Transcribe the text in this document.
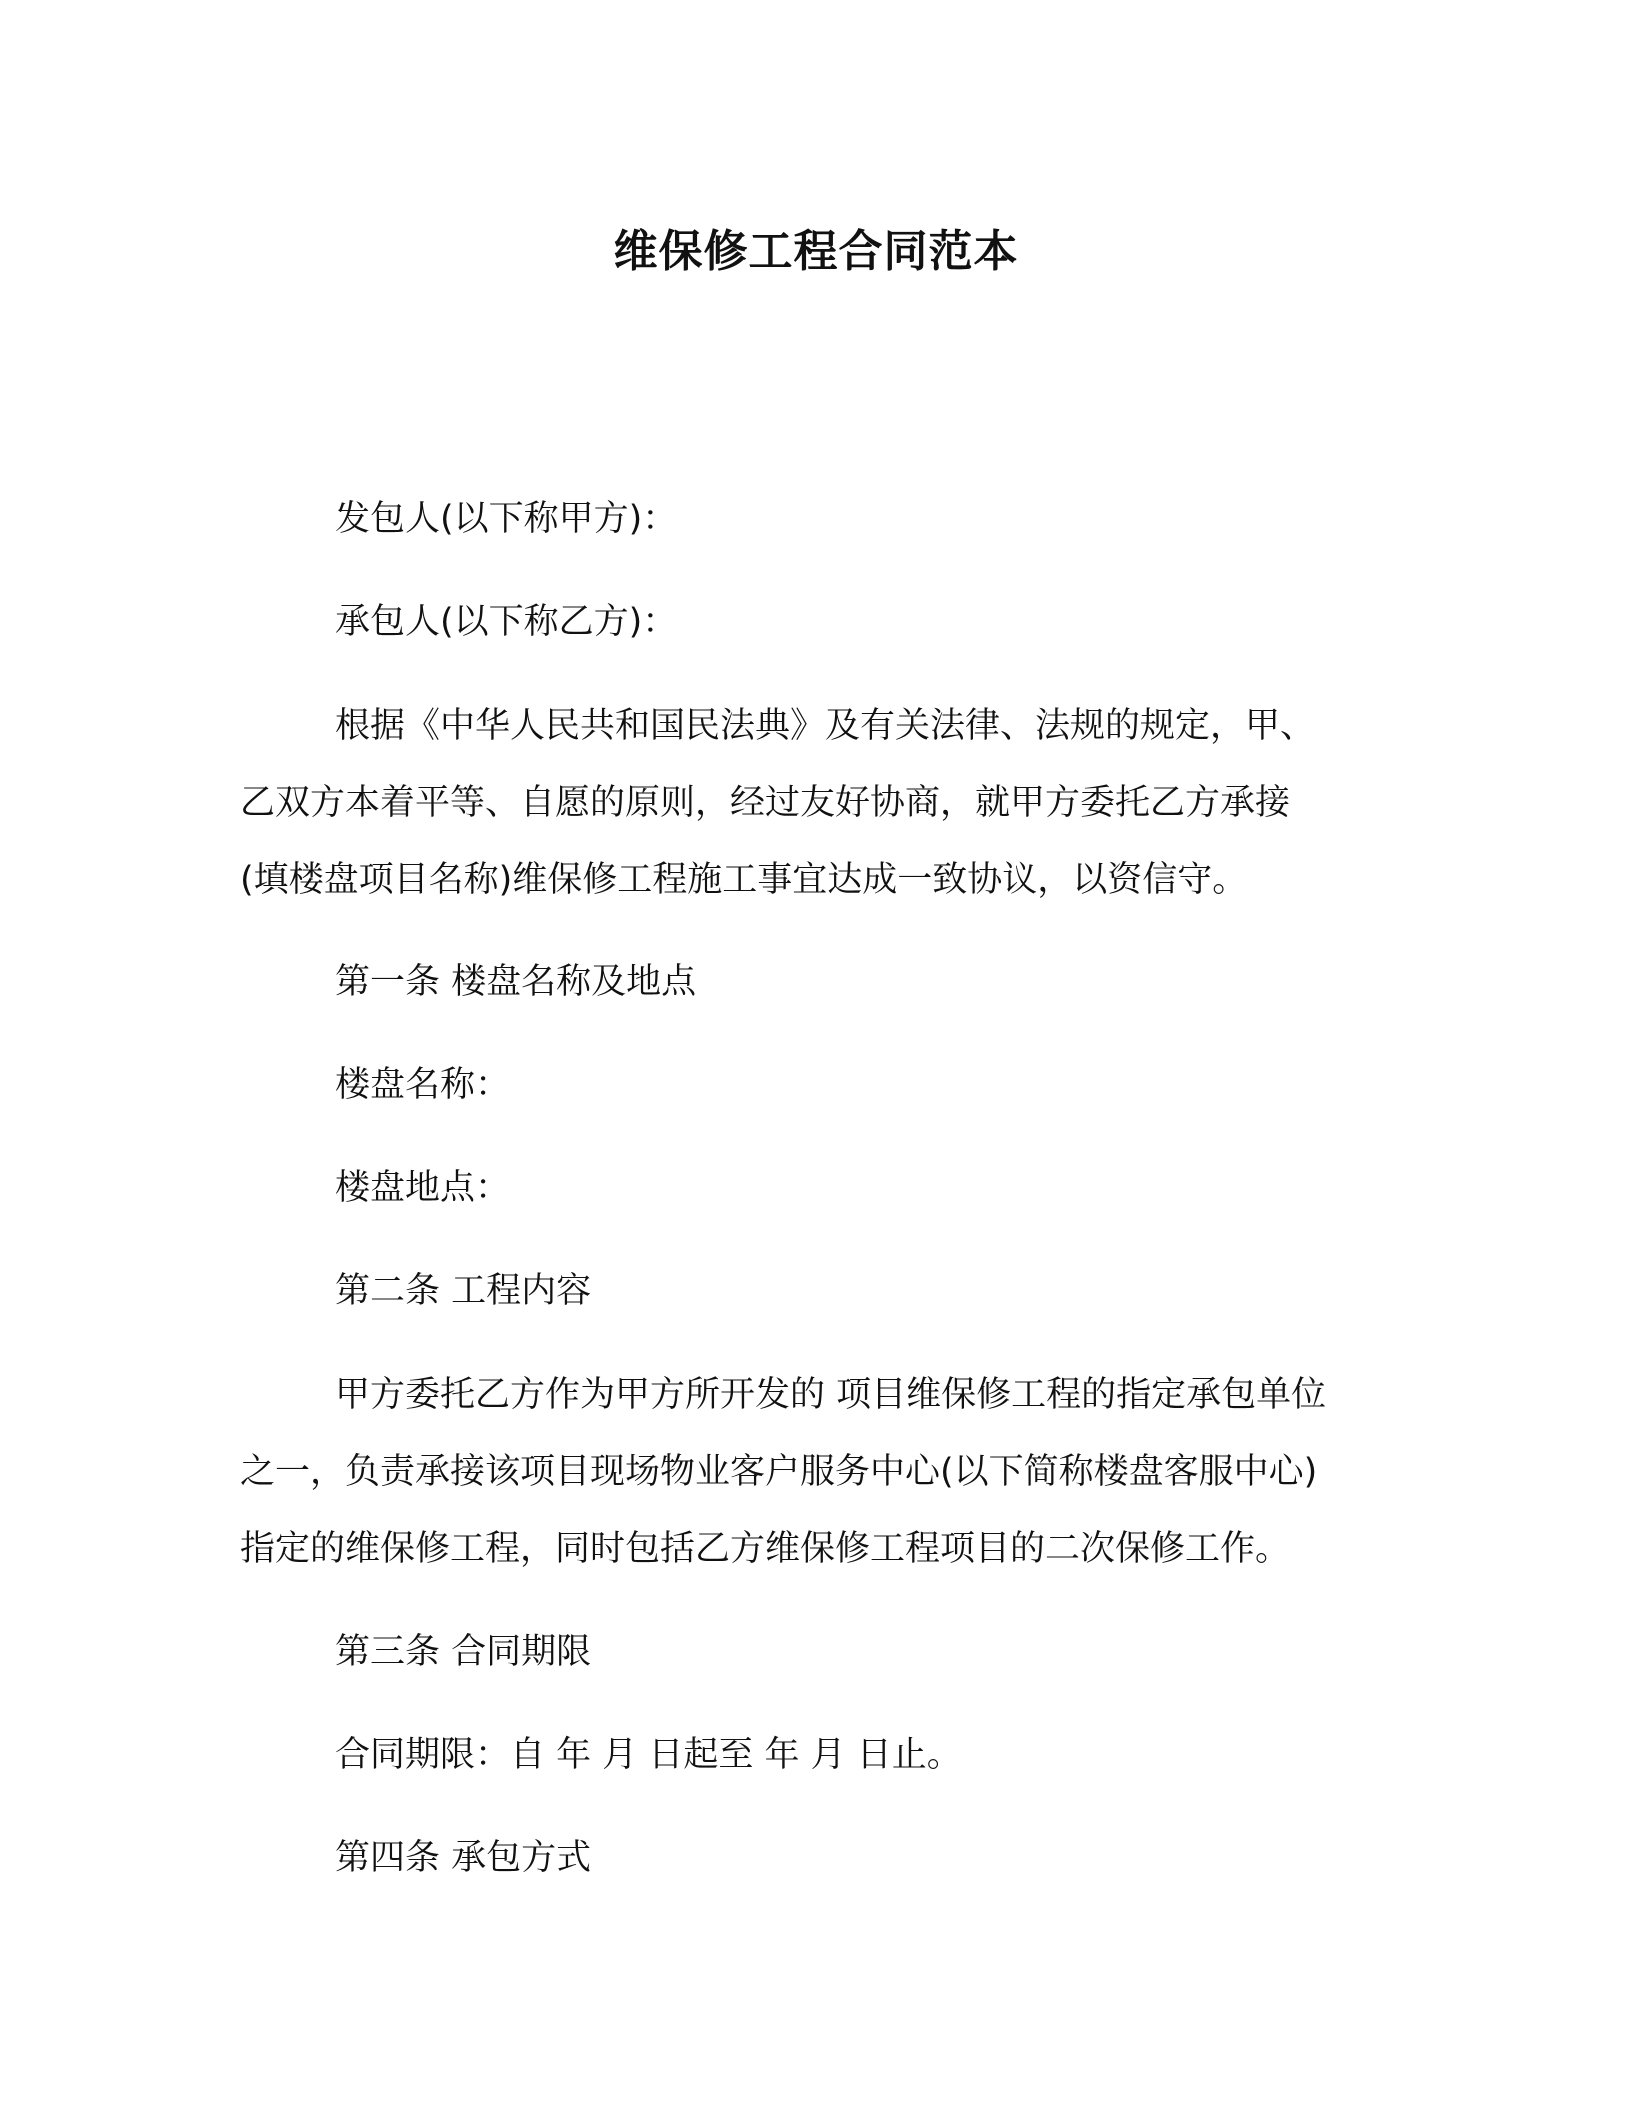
维保修工程合同范本

发包人(以下称甲方)：

承包人(以下称乙方)：

根据《中华人民共和国民法典》及有关法律、法规的规定，甲、

乙双方本着平等、自愿的原则，经过友好协商，就甲方委托乙方承接

(填楼盘项目名称)维保修工程施工事宜达成一致协议，以资信守。

第一条 楼盘名称及地点

楼盘名称：

楼盘地点：

第二条 工程内容

甲方委托乙方作为甲方所开发的 项目维保修工程的指定承包单位

之一，负责承接该项目现场物业客户服务中心(以下简称楼盘客服中心)

指定的维保修工程，同时包括乙方维保修工程项目的二次保修工作。

第三条 合同期限

合同期限：自 年 月 日起至 年 月 日止。

第四条 承包方式
